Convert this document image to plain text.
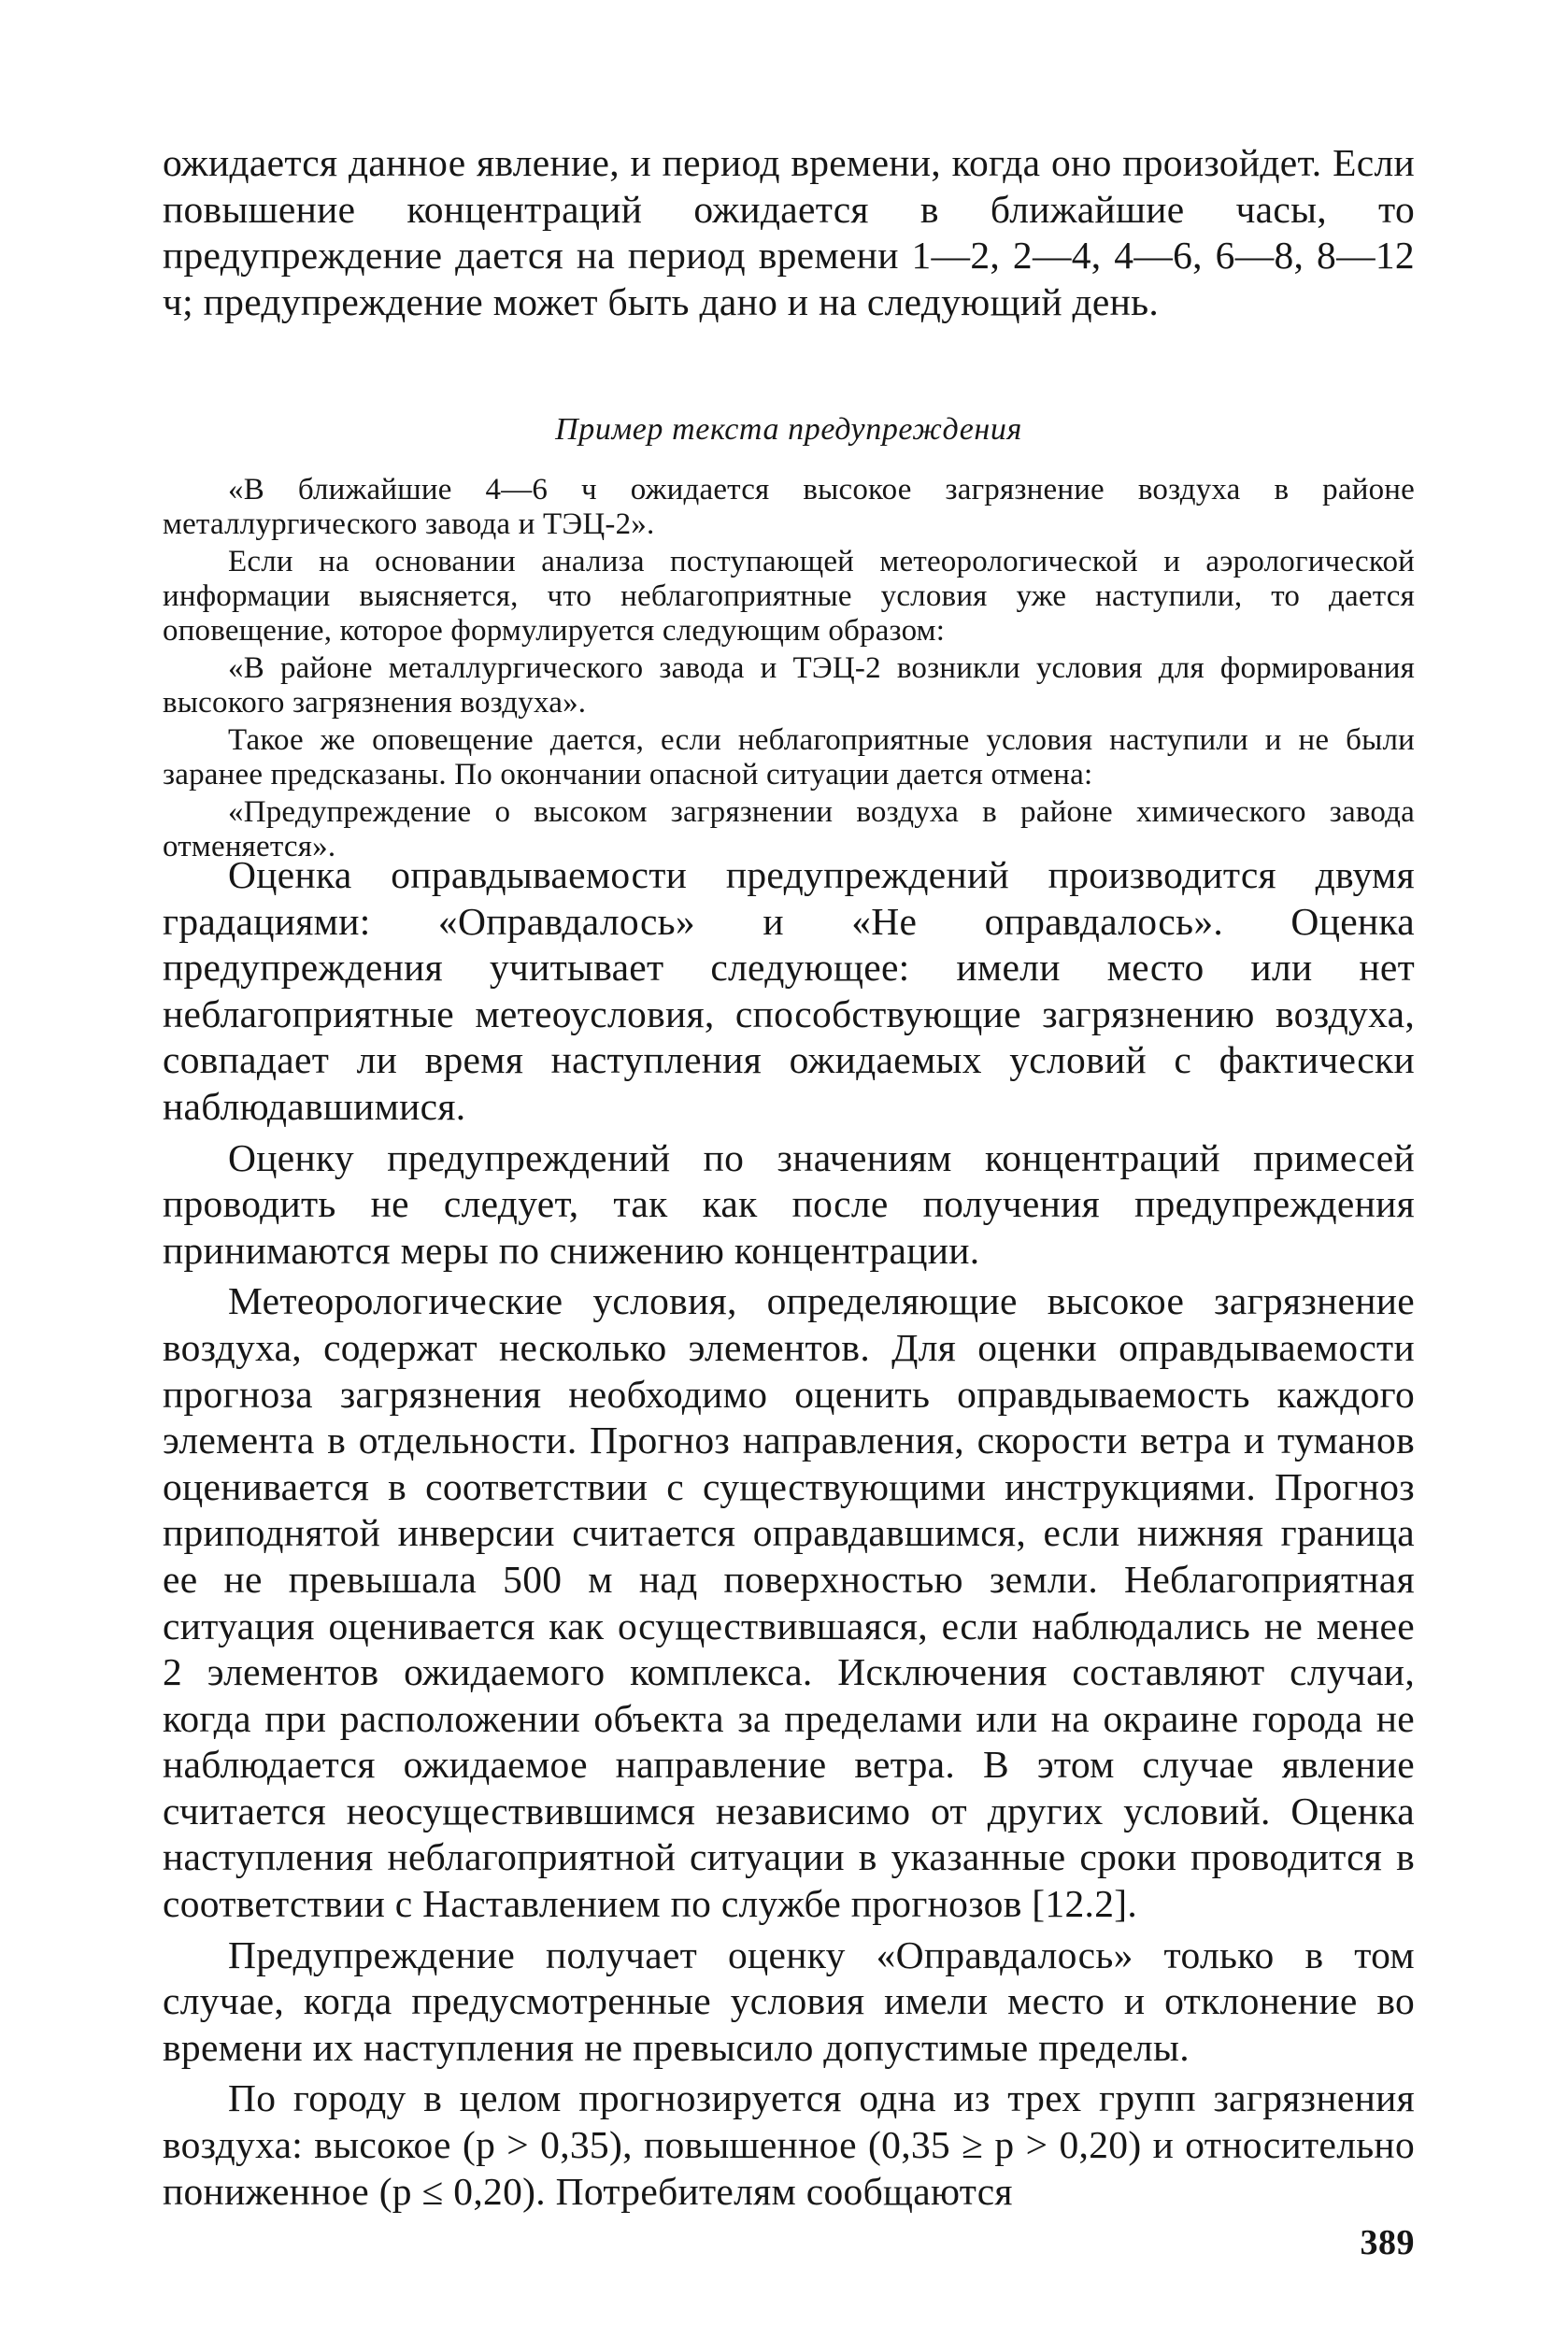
ожидается данное явление, и период времени, когда оно произойдет. Если повышение концентраций ожидается в ближайшие часы, то предупреждение дается на период времени 1—2, 2—4, 4—6, 6—8, 8—12 ч; предупреждение может быть дано и на следующий день.

Пример текста предупреждения

«В ближайшие 4—6 ч ожидается высокое загрязнение воздуха в районе металлургического завода и ТЭЦ-2».

Если на основании анализа поступающей метеорологической и аэрологической информации выясняется, что неблагоприятные условия уже наступили, то дается оповещение, которое формулируется следующим образом:

«В районе металлургического завода и ТЭЦ-2 возникли условия для формирования высокого загрязнения воздуха».

Такое же оповещение дается, если неблагоприятные условия наступили и не были заранее предсказаны. По окончании опасной ситуации дается отмена:

«Предупреждение о высоком загрязнении воздуха в районе химического завода отменяется».

Оценка оправдываемости предупреждений производится двумя градациями: «Оправдалось» и «Не оправдалось». Оценка предупреждения учитывает следующее: имели место или нет неблагоприятные метеоусловия, способствующие загрязнению воздуха, совпадает ли время наступления ожидаемых условий с фактически наблюдавшимися.

Оценку предупреждений по значениям концентраций примесей проводить не следует, так как после получения предупреждения принимаются меры по снижению концентрации.

Метеорологические условия, определяющие высокое загрязнение воздуха, содержат несколько элементов. Для оценки оправдываемости прогноза загрязнения необходимо оценить оправдываемость каждого элемента в отдельности. Прогноз направления, скорости ветра и туманов оценивается в соответствии с существующими инструкциями. Прогноз приподнятой инверсии считается оправдавшимся, если нижняя граница ее не превышала 500 м над поверхностью земли. Неблагоприятная ситуация оценивается как осуществившаяся, если наблюдались не менее 2 элементов ожидаемого комплекса. Исключения составляют случаи, когда при расположении объекта за пределами или на окраине города не наблюдается ожидаемое направление ветра. В этом случае явление считается неосуществившимся независимо от других условий. Оценка наступления неблагоприятной ситуации в указанные сроки проводится в соответствии с Наставлением по службе прогнозов [12.2].

Предупреждение получает оценку «Оправдалось» только в том случае, когда предусмотренные условия имели место и отклонение во времени их наступления не превысило допустимые пределы.

По городу в целом прогнозируется одна из трех групп загрязнения воздуха: высокое (p > 0,35), повышенное (0,35 ≥ p > 0,20) и относительно пониженное (p ≤ 0,20). Потребителям сообщаются

389
